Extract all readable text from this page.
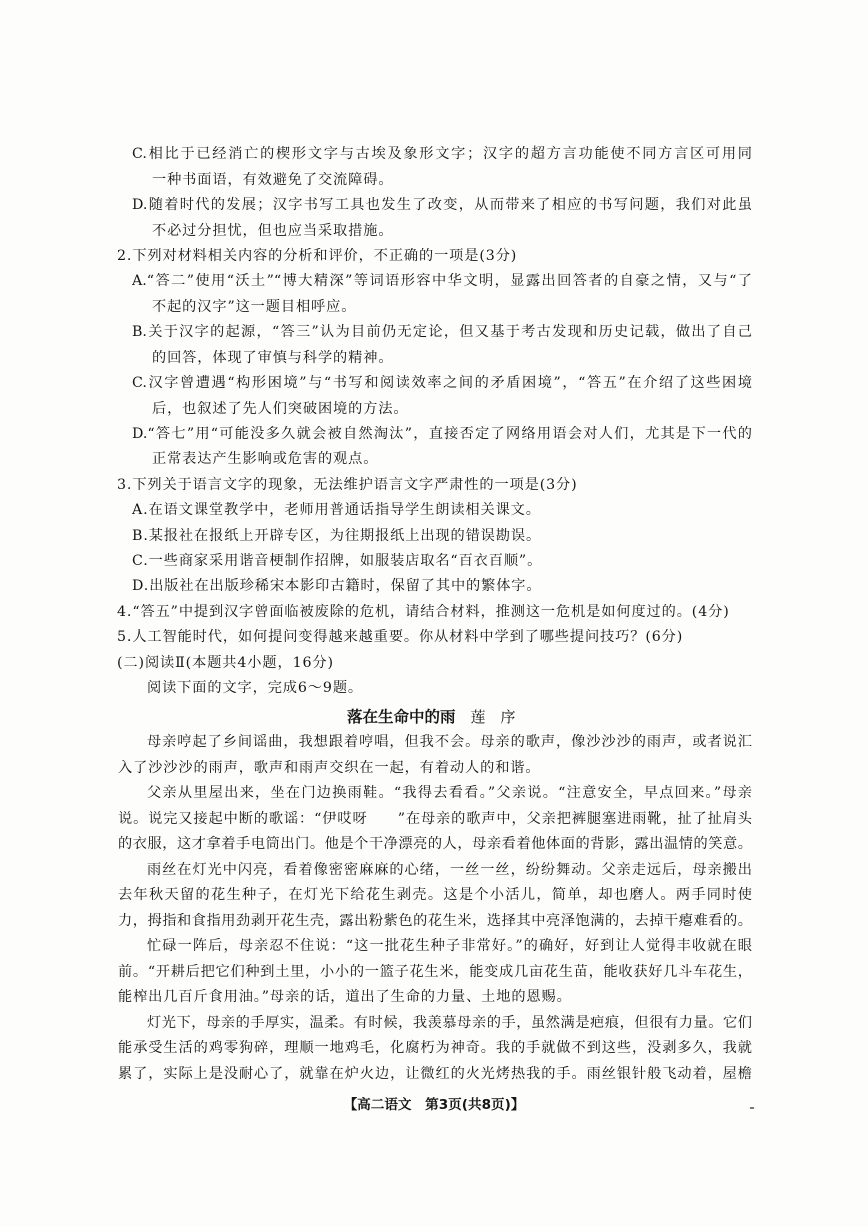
C.相比于已经消亡的楔形文字与古埃及象形文字；汉字的超方言功能使不同方言区可用同
一种书面语，有效避免了交流障碍。
D.随着时代的发展；汉字书写工具也发生了改变，从而带来了相应的书写问题，我们对此虽
不必过分担忧，但也应当采取措施。
2.下列对材料相关内容的分析和评价，不正确的一项是(3分)
A.“答二”使用“沃土”“博大精深”等词语形容中华文明，显露出回答者的自豪之情，又与“了
不起的汉字”这一题目相呼应。
B.关于汉字的起源，“答三”认为目前仍无定论，但又基于考古发现和历史记载，做出了自己
的回答，体现了审慎与科学的精神。
C.汉字曾遭遇“构形困境”与“书写和阅读效率之间的矛盾困境”，“答五”在介绍了这些困境
后，也叙述了先人们突破困境的方法。
D.“答七”用“可能没多久就会被自然淘汰”，直接否定了网络用语会对人们，尤其是下一代的
正常表达产生影响或危害的观点。
3.下列关于语言文字的现象，无法维护语言文字严肃性的一项是(3分)
A.在语文课堂教学中，老师用普通话指导学生朗读相关课文。
B.某报社在报纸上开辟专区，为往期报纸上出现的错误勘误。
C.一些商家采用谐音梗制作招牌，如服装店取名“百衣百顺”。
D.出版社在出版珍稀宋本影印古籍时，保留了其中的繁体字。
4.“答五”中提到汉字曾面临被废除的危机，请结合材料，推测这一危机是如何度过的。(4分)
5.人工智能时代，如何提问变得越来越重要。你从材料中学到了哪些提问技巧？(6分)
(二)阅读Ⅱ(本题共4小题，16分)
阅读下面的文字，完成6～9题。
落在生命中的雨 莲　序
母亲哼起了乡间谣曲，我想跟着哼唱，但我不会。母亲的歌声，像沙沙沙的雨声，或者说汇
入了沙沙沙的雨声，歌声和雨声交织在一起，有着动人的和谐。
父亲从里屋出来，坐在门边换雨鞋。“我得去看看。”父亲说。“注意安全，早点回来。”母亲
说。说完又接起中断的歌谣：“伊哎呀　　”在母亲的歌声中，父亲把裤腿塞进雨靴，扯了扯肩头
的衣服，这才拿着手电筒出门。他是个干净漂亮的人，母亲看着他体面的背影，露出温情的笑意。
雨丝在灯光中闪亮，看着像密密麻麻的心绪，一丝一丝，纷纷舞动。父亲走远后，母亲搬出
去年秋天留的花生种子，在灯光下给花生剥壳。这是个小活儿，简单，却也磨人。两手同时使
力，拇指和食指用劲剥开花生壳，露出粉紫色的花生米，选择其中亮泽饱满的，去掉干瘪难看的。
忙碌一阵后，母亲忍不住说：“这一批花生种子非常好。”的确好，好到让人觉得丰收就在眼
前。“开耕后把它们种到土里，小小的一篮子花生米，能变成几亩花生苗，能收获好几斗车花生，
能榨出几百斤食用油。”母亲的话，道出了生命的力量、土地的恩赐。
灯光下，母亲的手厚实，温柔。有时候，我羡慕母亲的手，虽然满是疤痕，但很有力量。它们
能承受生活的鸡零狗碎，理顺一地鸡毛，化腐朽为神奇。我的手就做不到这些，没剥多久，我就
累了，实际上是没耐心了，就靠在炉火边，让微红的火光烤热我的手。雨丝银针般飞动着，屋檐
【高二语文　第3页(共8页)】
